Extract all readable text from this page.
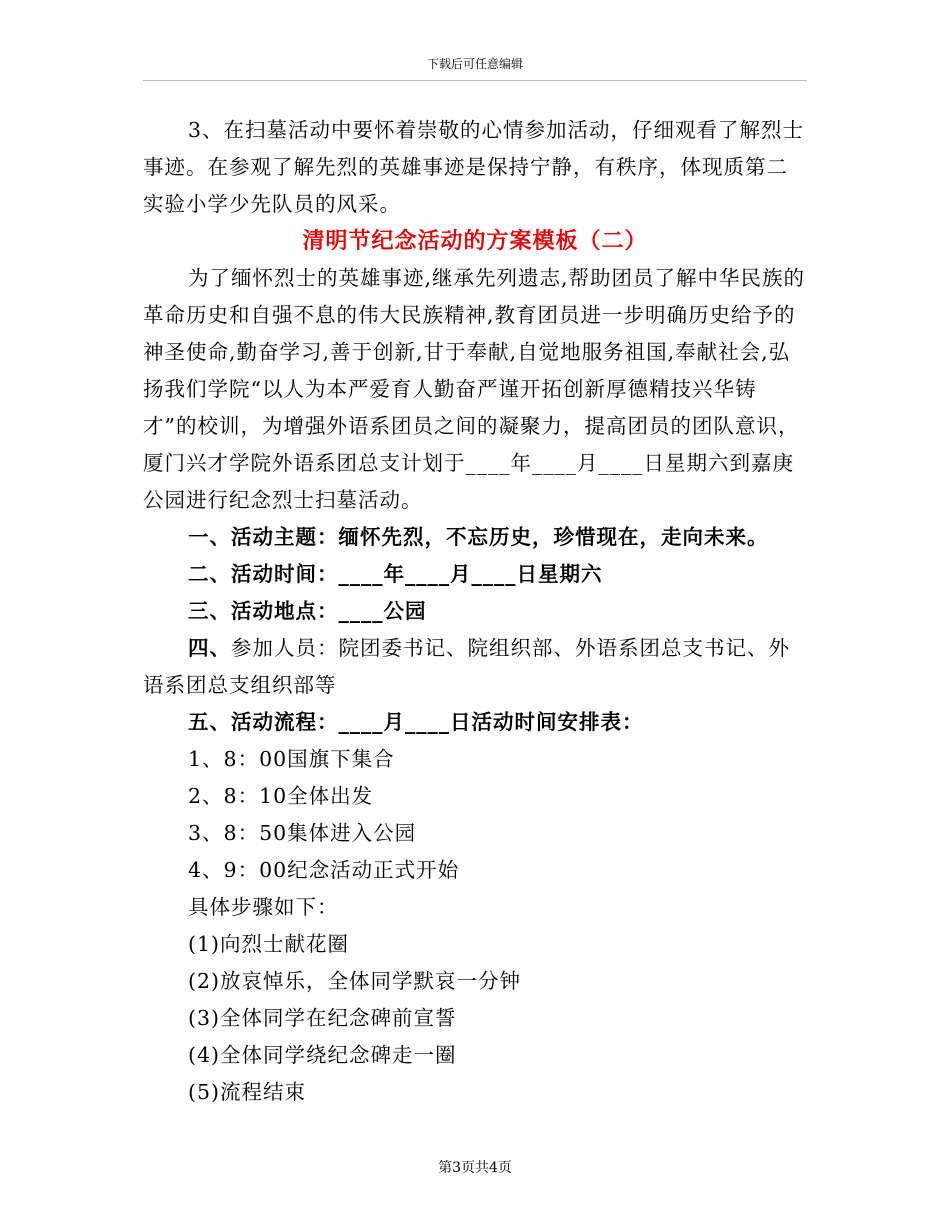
下载后可任意编辑

3、在扫墓活动中要怀着崇敬的心情参加活动，仔细观看了解烈士事迹。在参观了解先烈的英雄事迹是保持宁静，有秩序，体现质第二实验小学少先队员的风采。

清明节纪念活动的方案模板（二）

为了缅怀烈士的英雄事迹,继承先列遗志,帮助团员了解中华民族的革命历史和自强不息的伟大民族精神,教育团员进一步明确历史给予的神圣使命,勤奋学习,善于创新,甘于奉献,自觉地服务祖国,奉献社会,弘扬我们学院“以人为本严爱育人勤奋严谨开拓创新厚德精技兴华铸才”的校训，为增强外语系团员之间的凝聚力，提高团员的团队意识，厦门兴才学院外语系团总支计划于____年____月____日星期六到嘉庚公园进行纪念烈士扫墓活动。

一、活动主题：缅怀先烈，不忘历史，珍惜现在，走向未来。

二、活动时间：____年____月____日星期六

三、活动地点：____公园

四、参加人员：院团委书记、院组织部、外语系团总支书记、外语系团总支组织部等

五、活动流程：____月____日活动时间安排表：

1、8：00国旗下集合

2、8：10全体出发

3、8：50集体进入公园

4、9：00纪念活动正式开始

具体步骤如下：

(1)向烈士献花圈

(2)放哀悼乐，全体同学默哀一分钟

(3)全体同学在纪念碑前宣誓

(4)全体同学绕纪念碑走一圈

(5)流程结束

第3页共4页
